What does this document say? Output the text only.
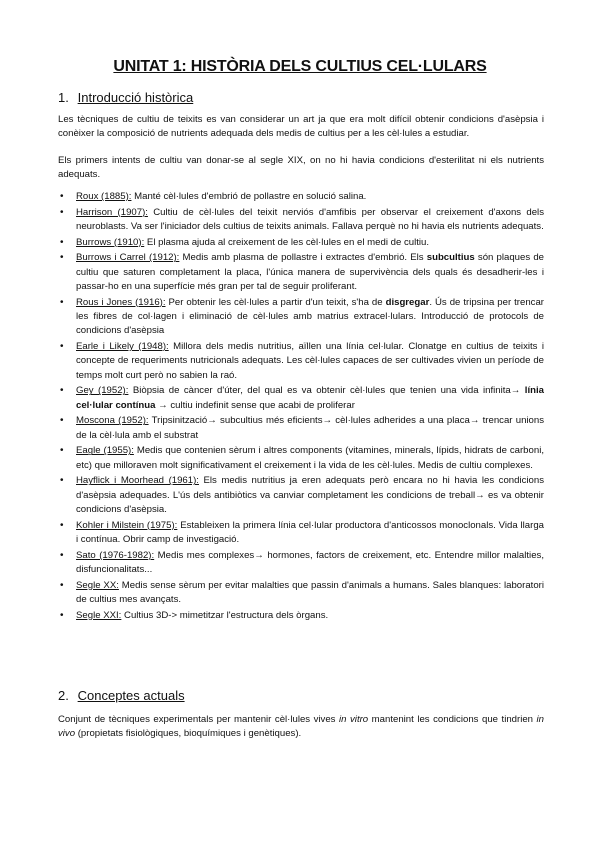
UNITAT 1: HISTÒRIA DELS CULTIUS CEL·LULARS
1. Introducció històrica

Les tècniques de cultiu de teixits es van considerar un art ja que era molt difícil obtenir condicions d'asèpsia i conèixer la composició de nutrients adequada dels medis de cultius per a les cèl·lules a estudiar.

Els primers intents de cultiu van donar-se al segle XIX, on no hi havia condicions d'esterilitat ni els nutrients adequats.

• Roux (1885): Manté cèl·lules d'embrió de pollastre en solució salina.
• Harrison (1907): Cultiu de cèl·lules del teixit nerviós d'amfibis per observar el creixement d'axons dels neuroblasts. Va ser l'iniciador dels cultius de teixits animals. Fallava perquè no hi havia els nutrients adequats.
• Burrows (1910): El plasma ajuda al creixement de les cèl·lules en el medi de cultiu.
• Burrows i Carrel (1912): Medis amb plasma de pollastre i extractes d'embrió. Els subcultius són plaques de cultiu que saturen completament la placa, l'única manera de supervivència dels quals és desadherir-les i passar-ho en una superfície més gran per tal de seguir proliferant.
• Rous i Jones (1916): Per obtenir les cèl·lules a partir d'un teixit, s'ha de disgregar. Ús de tripsina per trencar les fibres de col·lagen i eliminació de cèl·lules amb matrius extracel·lulars. Introducció de protocols de condicions d'asèpsia
• Earle i Likely (1948): Millora dels medis nutritius, aïllen una línia cel·lular. Clonatge en cultius de teixits i concepte de requeriments nutricionals adequats. Les cèl·lules capaces de ser cultivades vivien un període de temps molt curt però no sabien la raó.
• Gey (1952): Biòpsia de càncer d'úter, del qual es va obtenir cèl·lules que tenien una vida infinita→ línia cel·lular contínua → cultiu indefinit sense que acabi de proliferar
• Moscona (1952): Tripsinització→ subcultius més eficients→ cèl·lules adherides a una placa→ trencar unions de la cèl·lula amb el substrat
• Eagle (1955): Medis que contenien sèrum i altres components (vitamines, minerals, lípids, hidrats de carboni, etc) que milloraven molt significativament el creixement i la vida de les cèl·lules. Medis de cultiu complexes.
• Hayflick i Moorhead (1961): Els medis nutritius ja eren adequats però encara no hi havia les condicions d'asèpsia adequades. L'ús dels antibiòtics va canviar completament les condicions de treball→ es va obtenir condicions d'asèpsia.
• Kohler i Milstein (1975): Estableixen la primera línia cel·lular productora d'anticossos monoclonals. Vida llarga i contínua. Obrir camp de investigació.
• Sato (1976-1982): Medis mes complexes→ hormones, factors de creixement, etc. Entendre millor malalties, disfuncionalitats...
• Segle XX: Medis sense sèrum per evitar malalties que passin d'animals a humans. Sales blanques: laboratori de cultius mes avançats.
• Segle XXI: Cultius 3D-> mimetitzar l'estructura dels òrgans.
2. Conceptes actuals

Conjunt de tècniques experimentals per mantenir cèl·lules vives in vitro mantenint les condicions que tindrien in vivo (propietats fisiològiques, bioquímiques i genètiques).
